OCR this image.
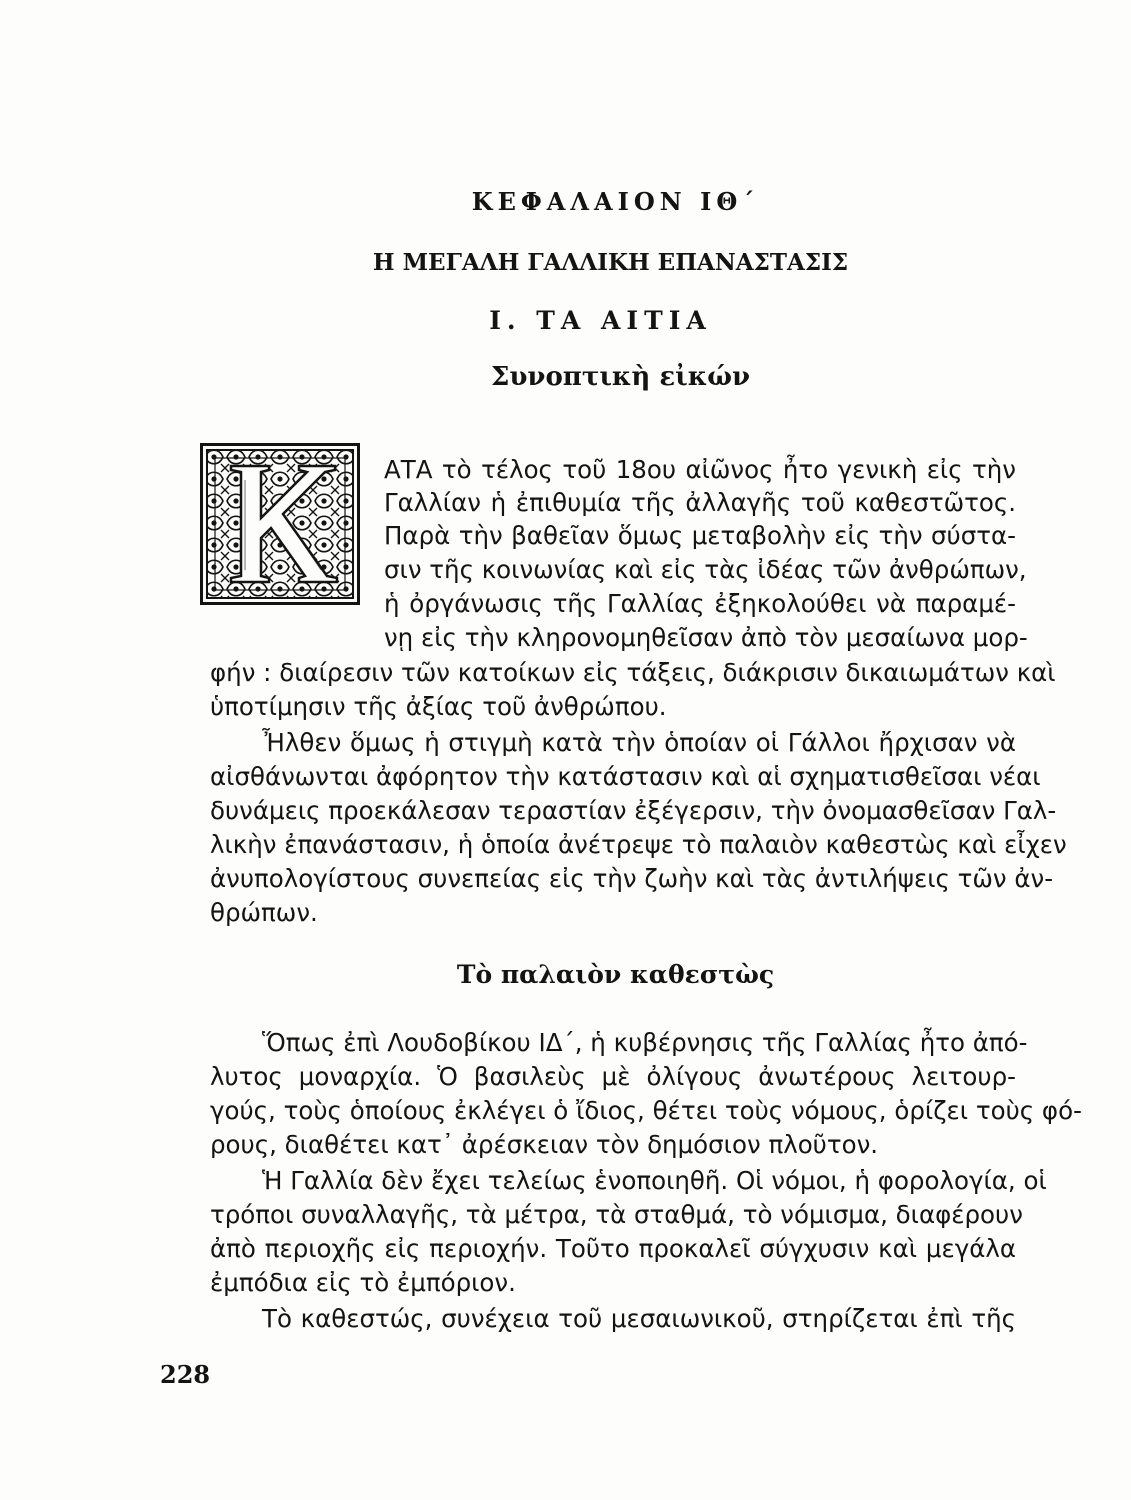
ΚΕΦΑΛΑΙΟΝ ΙΘ΄
Η ΜΕΓΑΛΗ ΓΑΛΛΙΚΗ ΕΠΑΝΑΣΤΑΣΙΣ
Ι. ΤΑ ΑΙΤΙΑ
Συνοπτικὴ εἰκών
ΑΤΑ τὸ τέλος τοῦ 18ου αἰῶνος ἦτο γενικὴ εἰς τὴν
Γαλλίαν ἡ ἐπιθυμία τῆς ἀλλαγῆς τοῦ καθεστῶτος.
Παρὰ τὴν βαθεῖαν ὅμως μεταβολὴν εἰς τὴν σύστα-
σιν τῆς κοινωνίας καὶ εἰς τὰς ἰδέας τῶν ἀνθρώπων,
ἡ ὀργάνωσις τῆς Γαλλίας ἐξηκολούθει νὰ παραμέ-
νῃ εἰς τὴν κληρονομηθεῖσαν ἀπὸ τὸν μεσαίωνα μορ-
φήν : διαίρεσιν τῶν κατοίκων εἰς τάξεις, διάκρισιν δικαιωμάτων καὶ
ὑποτίμησιν τῆς ἀξίας τοῦ ἀνθρώπου.
Ἦλθεν ὅμως ἡ στιγμὴ κατὰ τὴν ὁποίαν οἱ Γάλλοι ἤρχισαν νὰ
αἰσθάνωνται ἀφόρητον τὴν κατάστασιν καὶ αἱ σχηματισθεῖσαι νέαι
δυνάμεις προεκάλεσαν τεραστίαν ἐξέγερσιν, τὴν ὀνομασθεῖσαν Γαλ-
λικὴν ἐπανάστασιν, ἡ ὁποία ἀνέτρεψε τὸ παλαιὸν καθεστὼς καὶ εἶχεν
ἀνυπολογίστους συνεπείας εἰς τὴν ζωὴν καὶ τὰς ἀντιλήψεις τῶν ἀν-
θρώπων.
Τὸ παλαιὸν καθεστὼς
Ὅπως ἐπὶ Λουδοβίκου ΙΔ΄, ἡ κυβέρνησις τῆς Γαλλίας ἦτο ἀπό-
λυτος μοναρχία. Ὁ βασιλεὺς μὲ ὀλίγους ἀνωτέρους λειτουρ-
γούς, τοὺς ὁποίους ἐκλέγει ὁ ἴδιος, θέτει τοὺς νόμους, ὁρίζει τοὺς φό-
ρους, διαθέτει κατ᾽ ἀρέσκειαν τὸν δημόσιον πλοῦτον.
Ἡ Γαλλία δὲν ἔχει τελείως ἑνοποιηθῆ. Οἱ νόμοι, ἡ φορολογία, οἱ
τρόποι συναλλαγῆς, τὰ μέτρα, τὰ σταθμά, τὸ νόμισμα, διαφέρουν
ἀπὸ περιοχῆς εἰς περιοχήν. Τοῦτο προκαλεῖ σύγχυσιν καὶ μεγάλα
ἐμπόδια εἰς τὸ ἐμπόριον.
Τὸ καθεστώς, συνέχεια τοῦ μεσαιωνικοῦ, στηρίζεται ἐπὶ τῆς
228
